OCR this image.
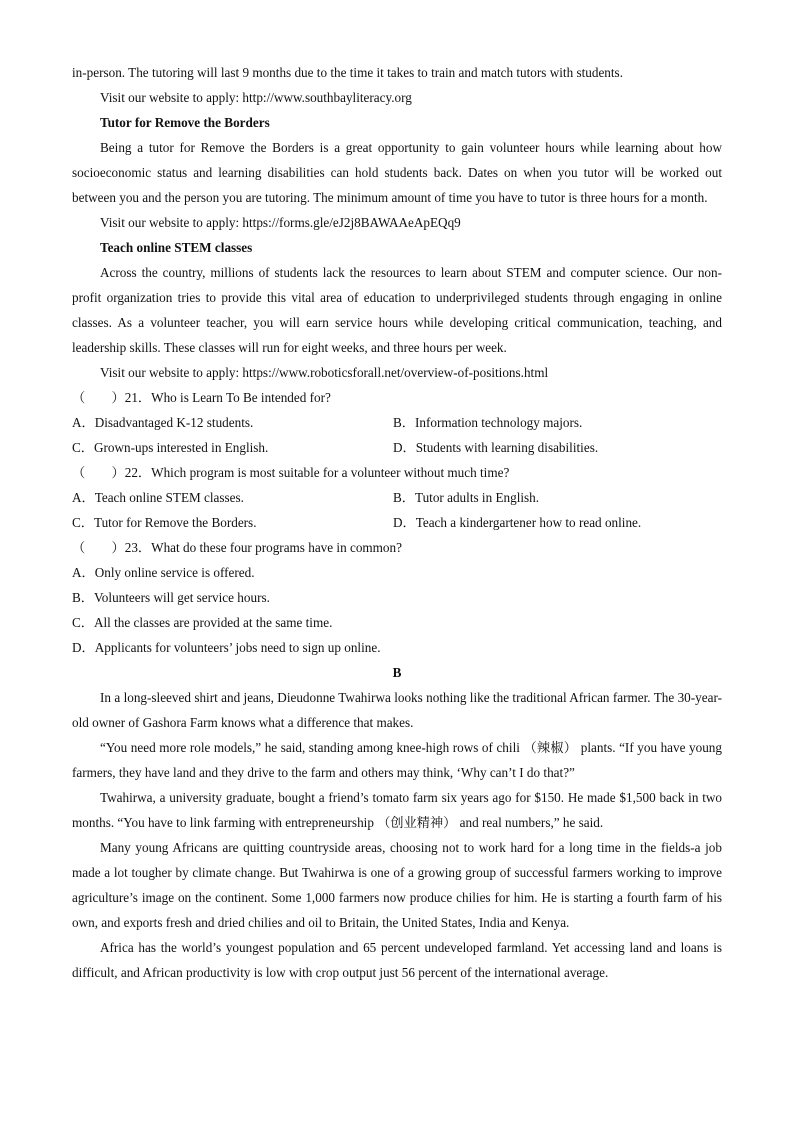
in-person. The tutoring will last 9 months due to the time it takes to train and match tutors with students.
Visit our website to apply: http://www.southbayliteracy.org
Tutor for Remove the Borders
Being a tutor for Remove the Borders is a great opportunity to gain volunteer hours while learning about how socioeconomic status and learning disabilities can hold students back. Dates on when you tutor will be worked out between you and the person you are tutoring. The minimum amount of time you have to tutor is three hours for a month.
Visit our website to apply: https://forms.gle/eJ2j8BAWAAeApEQq9
Teach online STEM classes
Across the country, millions of students lack the resources to learn about STEM and computer science. Our non-profit organization tries to provide this vital area of education to underprivileged students through engaging in online classes. As a volunteer teacher, you will earn service hours while developing critical communication, teaching, and leadership skills. These classes will run for eight weeks, and three hours per week.
Visit our website to apply: https://www.roboticsforall.net/overview-of-positions.html
（　　）21．Who is Learn To Be intended for?
A．Disadvantaged K-12 students.	B．Information technology majors.
C．Grown-ups interested in English.	D．Students with learning disabilities.
（　　）22．Which program is most suitable for a volunteer without much time?
A．Teach online STEM classes.	B．Tutor adults in English.
C．Tutor for Remove the Borders.	D．Teach a kindergartener how to read online.
（　　）23．What do these four programs have in common?
A．Only online service is offered.
B．Volunteers will get service hours.
C．All the classes are provided at the same time.
D．Applicants for volunteers’ jobs need to sign up online.
B
In a long-sleeved shirt and jeans, Dieudonne Twahirwa looks nothing like the traditional African farmer. The 30-year-old owner of Gashora Farm knows what a difference that makes.
“You need more role models,” he said, standing among knee-high rows of chili （辣椒） plants. “If you have young farmers, they have land and they drive to the farm and others may think, ‘Why can’t I do that?”
Twahirwa, a university graduate, bought a friend’s tomato farm six years ago for $150. He made $1,500 back in two months. “You have to link farming with entrepreneurship （创业精神） and real numbers,” he said.
Many young Africans are quitting countryside areas, choosing not to work hard for a long time in the fields-a job made a lot tougher by climate change. But Twahirwa is one of a growing group of successful farmers working to improve agriculture’s image on the continent. Some 1,000 farmers now produce chilies for him. He is starting a fourth farm of his own, and exports fresh and dried chilies and oil to Britain, the United States, India and Kenya.
Africa has the world’s youngest population and 65 percent undeveloped farmland. Yet accessing land and loans is difficult, and African productivity is low with crop output just 56 percent of the international average.
